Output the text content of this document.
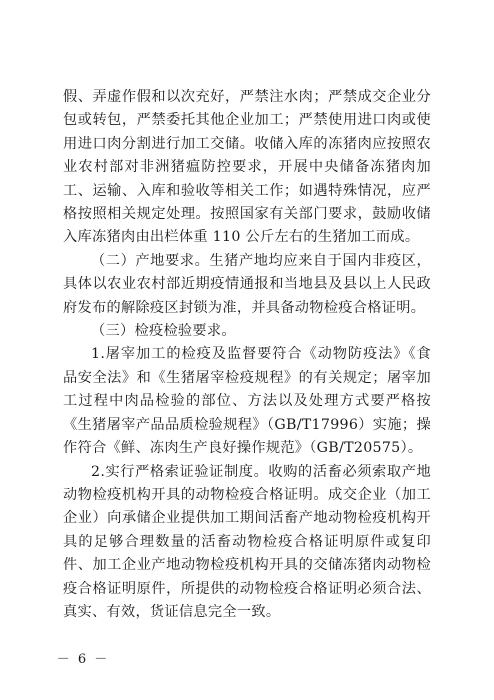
假、弄虚作假和以次充好，严禁注水肉；严禁成交企业分包或转包，严禁委托其他企业加工；严禁使用进口肉或使用进口肉分割进行加工交储。收储入库的冻猪肉应按照农业农村部对非洲猪瘟防控要求，开展中央储备冻猪肉加工、运输、入库和验收等相关工作；如遇特殊情况，应严格按照相关规定处理。按照国家有关部门要求，鼓励收储入库冻猪肉由出栏体重 110 公斤左右的生猪加工而成。

（二）产地要求。生猪产地均应来自于国内非疫区，具体以农业农村部近期疫情通报和当地县及县以上人民政府发布的解除疫区封锁为准，并具备动物检疫合格证明。

（三）检疫检验要求。

1.屠宰加工的检疫及监督要符合《动物防疫法》《食品安全法》和《生猪屠宰检疫规程》的有关规定；屠宰加工过程中肉品检验的部位、方法以及处理方式要严格按《生猪屠宰产品品质检验规程》（GB/T17996）实施；操作符合《鲜、冻肉生产良好操作规范》（GB/T20575）。

2.实行严格索证验证制度。收购的活畜必须索取产地动物检疫机构开具的动物检疫合格证明。成交企业（加工企业）向承储企业提供加工期间活畜产地动物检疫机构开具的足够合理数量的活畜动物检疫合格证明原件或复印件、加工企业产地动物检疫机构开具的交储冻猪肉动物检疫合格证明原件，所提供的动物检疫合格证明必须合法、真实、有效，货证信息完全一致。

－ 6 －
